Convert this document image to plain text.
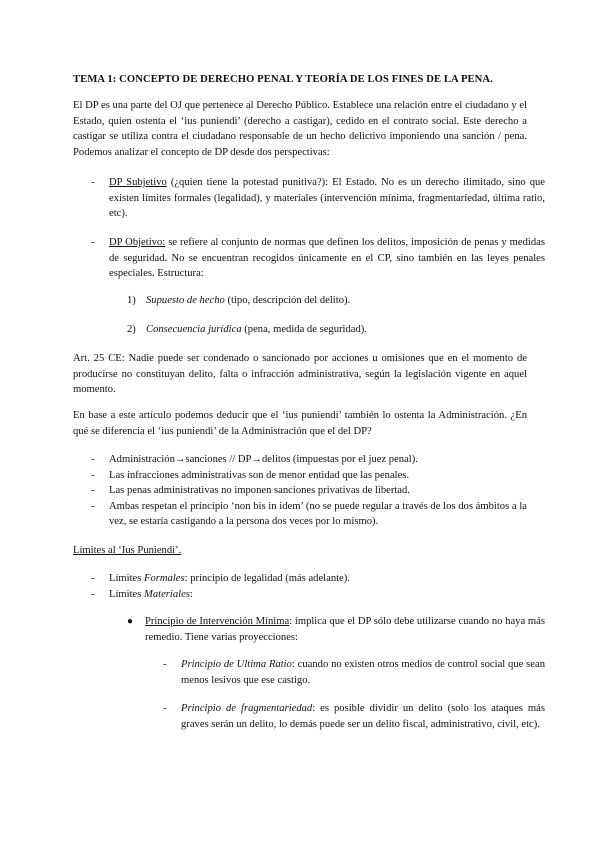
TEMA 1: CONCEPTO DE DERECHO PENAL Y TEORÍA DE LOS FINES DE LA PENA.
El DP es una parte del OJ que pertenece al Derecho Público. Establece una relación entre el ciudadano y el Estado, quien ostenta el ‘ius puniendi’ (derecho a castigar), cedido en el contrato social. Este derecho a castigar se utiliza contra el ciudadano responsable de un hecho delictivo imponiendo una sanción / pena. Podemos analizar el concepto de DP desde dos perspectivas:
- DP Subjetivo (¿quien tiene la potestad punitiva?): El Estado. No es un derecho ilimitado, sino que existen límites formales (legalidad), y materiales (intervención mínima, fragmentariedad, última ratio, etc).
- DP Objetivo: se refiere al conjunto de normas que definen los delitos, imposición de penas y medidas de seguridad. No se encuentran recogidos únicamente en el CP, sino también en las leyes penales especiales. Estructura:
1) Supuesto de hecho (tipo, descripción del delito).
2) Consecuencia jurídica (pena, medida de seguridad).
Art. 25 CE: Nadie puede ser condenado o sancionado por acciones u omisiones que en el momento de producirse no constituyan delito, falta o infracción administrativa, según la legislación vigente en aquel momento.
En base a este artículo podemos deducir que el ‘ius puniendi’ también lo ostenta la Administración. ¿En qué se diferencia el ‘ius puniendi’ de la Administración que el del DP?
- Administración→sanciones // DP→delitos (impuestas por el juez penal).
- Las infracciones administrativas son de menor entidad que las penales.
- Las penas administrativas no imponen sanciones privativas de libertad.
- Ambas respetan el principio ‘non bis in idem’ (no se puede regular a través de los dos ámbitos a la vez, se estaría castigando a la persona dos veces por lo mismo).
Límites al ‘Ius Puniendi’.
- Límites Formales: principio de legalidad (más adelante).
- Límites Materiales:
● Principio de Intervención Mínima: implica que el DP sólo debe utilizarse cuando no haya más remedio. Tiene varias proyecciones:
- Principio de Ultima Ratio: cuando no existen otros medios de control social que sean menos lesivos que ese castigo.
- Principio de fragmentariedad: es posible dividir un delito (solo los ataques más graves serán un delito, lo demás puede ser un delito fiscal, administrativo, civil, etc).
